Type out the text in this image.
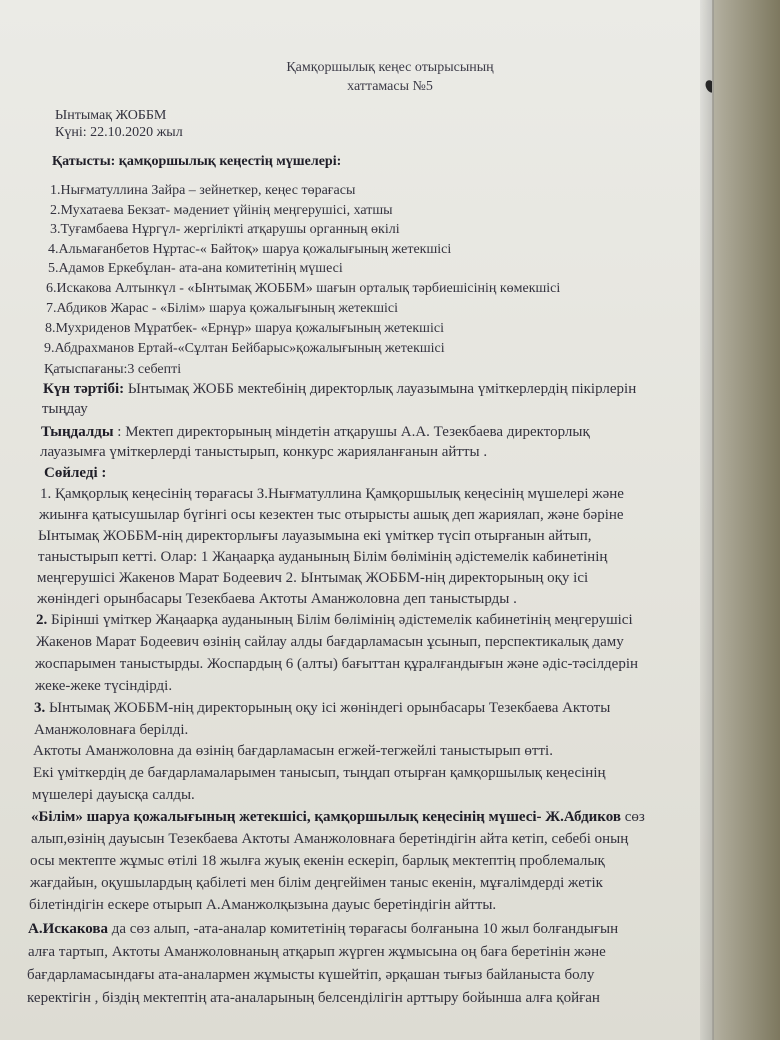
Қамқоршылық кеңес отырысының
хаттамасы №5
Ынтымақ ЖОББМ
Күні: 22.10.2020 жыл
Қатысты: қамқоршылық кеңестің мүшелері:
1.Нығматуллина Зайра – зейнеткер, кеңес төрағасы
2.Мухатаева Бекзат- мәдениет үйінің меңгерушісі, хатшы
3.Туғамбаева Нұргүл- жергілікті атқарушы органның өкілі
4.Альмағанбетов Нұртас-« Байтоқ» шаруа қожалығының жетекшісі
5.Адамов Еркебұлан- ата-ана комитетінің мүшесі
6.Искакова Алтынкүл - «Ынтымақ ЖОББМ» шағын орталық тәрбиешісінің көмекшісі
7.Абдиков Жарас - «Білім» шаруа қожалығының жетекшісі
8.Мухриденов Мұратбек- «Ернұр» шаруа қожалығының жетекшісі
9.Абдрахманов Ертай-«Сұлтан Бейбарыс»қожалығының жетекшісі
Қатыспағаны:3 себепті
Күн тәртібі: Ынтымақ ЖОББ мектебінің директорлық лауазымына үміткерлердің пікірлерін
тыңдау
Тыңдалды : Мектеп директорының міндетін атқарушы А.А. Тезекбаева директорлық
лауазымға үміткерлерді таныстырып, конкурс жарияланғанын айтты .
Сөйледі :
1. Қамқорлық кеңесінің төрағасы З.Нығматуллина Қамқоршылық кеңесінің мүшелері және
жиынға қатысушылар бүгінгі осы кезектен тыс отырысты ашық деп жариялап, және бәріне
Ынтымақ ЖОББМ-нің директорлығы лауазымына екі үміткер түсіп отырғанын айтып,
таныстырып кетті. Олар: 1 Жаңаарқа ауданының Білім бөлімінің әдістемелік кабинетінің
меңгерушісі Жакенов Марат Бодеевич 2. Ынтымақ ЖОББМ-нің директорының оқу ісі
жөніндегі орынбасары Тезекбаева Актоты Аманжоловна деп таныстырды .
2. Бірінші үміткер Жаңаарқа ауданының Білім бөлімінің әдістемелік кабинетінің меңгерушісі
Жакенов Марат Бодеевич өзінің сайлау алды бағдарламасын ұсынып, перспектикалық даму
жоспарымен таныстырды. Жоспардың 6 (алты) бағыттан құралғандығын және әдіс-тәсілдерін
жеке-жеке түсіндірді.
3. Ынтымақ ЖОББМ-нің директорының оқу ісі жөніндегі орынбасары Тезекбаева Актоты
Аманжоловнаға берілді.
Актоты Аманжоловна да өзінің бағдарламасын егжей-тегжейлі таныстырып өтті.
Екі үміткердің де бағдарламаларымен танысып, тыңдап отырған қамқоршылық кеңесінің
мүшелері дауысқа салды.
«Білім» шаруа қожалығының жетекшісі, қамқоршылық кеңесінің мүшесі- Ж.Абдиков сөз
алып,өзінің дауысын Тезекбаева Актоты Аманжоловнаға беретіндігін айта кетіп, себебі оның
осы мектепте жұмыс өтілі 18 жылға жуық екенін ескеріп, барлық мектептің проблемалық
жағдайын, оқушылардың қабілеті мен білім деңгейімен таныс екенін, мұғалімдерді жетік
білетіндігін ескере отырып А.Аманжолқызына дауыс беретіндігін айтты.
А.Искакова да сөз алып, -ата-аналар комитетінің төрағасы болғанына 10 жыл болғандығын
алға тартып, Актоты Аманжоловнаның атқарып жүрген жұмысына оң баға беретінін және
бағдарламасындағы ата-аналармен жұмысты күшейтіп, әрқашан тығыз байланыста болу
керектігін , біздің мектептің ата-аналарының белсенділігін арттыру бойынша алға қойған
